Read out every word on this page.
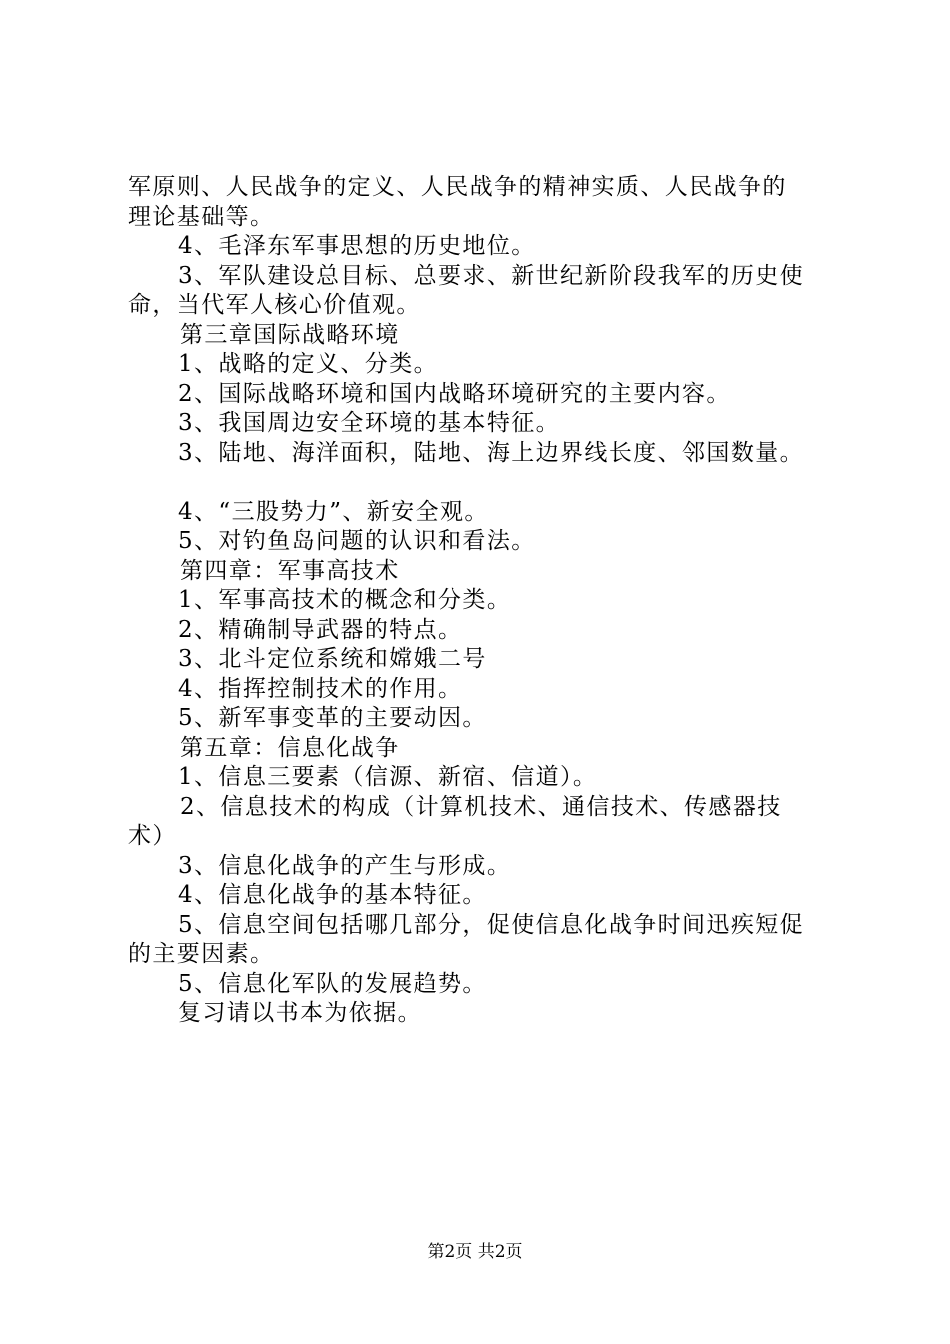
军原则、人民战争的定义、人民战争的精神实质、人民战争的
理论基础等。
4、毛泽东军事思想的历史地位。
3、军队建设总目标、总要求、新世纪新阶段我军的历史使
命，当代军人核心价值观。
第三章国际战略环境
1、战略的定义、分类。
2、国际战略环境和国内战略环境研究的主要内容。
3、我国周边安全环境的基本特征。
3、陆地、海洋面积，陆地、海上边界线长度、邻国数量。
4、“三股势力”、新安全观。
5、对钓鱼岛问题的认识和看法。
第四章：军事高技术
1、军事高技术的概念和分类。
2、精确制导武器的特点。
3、北斗定位系统和嫦娥二号
4、指挥控制技术的作用。
5、新军事变革的主要动因。
第五章：信息化战争
1、信息三要素（信源、新宿、信道）。
2、信息技术的构成（计算机技术、通信技术、传感器技
术）
3、信息化战争的产生与形成。
4、信息化战争的基本特征。
5、信息空间包括哪几部分，促使信息化战争时间迅疾短促
的主要因素。
5、信息化军队的发展趋势。
复习请以书本为依据。
第2页 共2页
